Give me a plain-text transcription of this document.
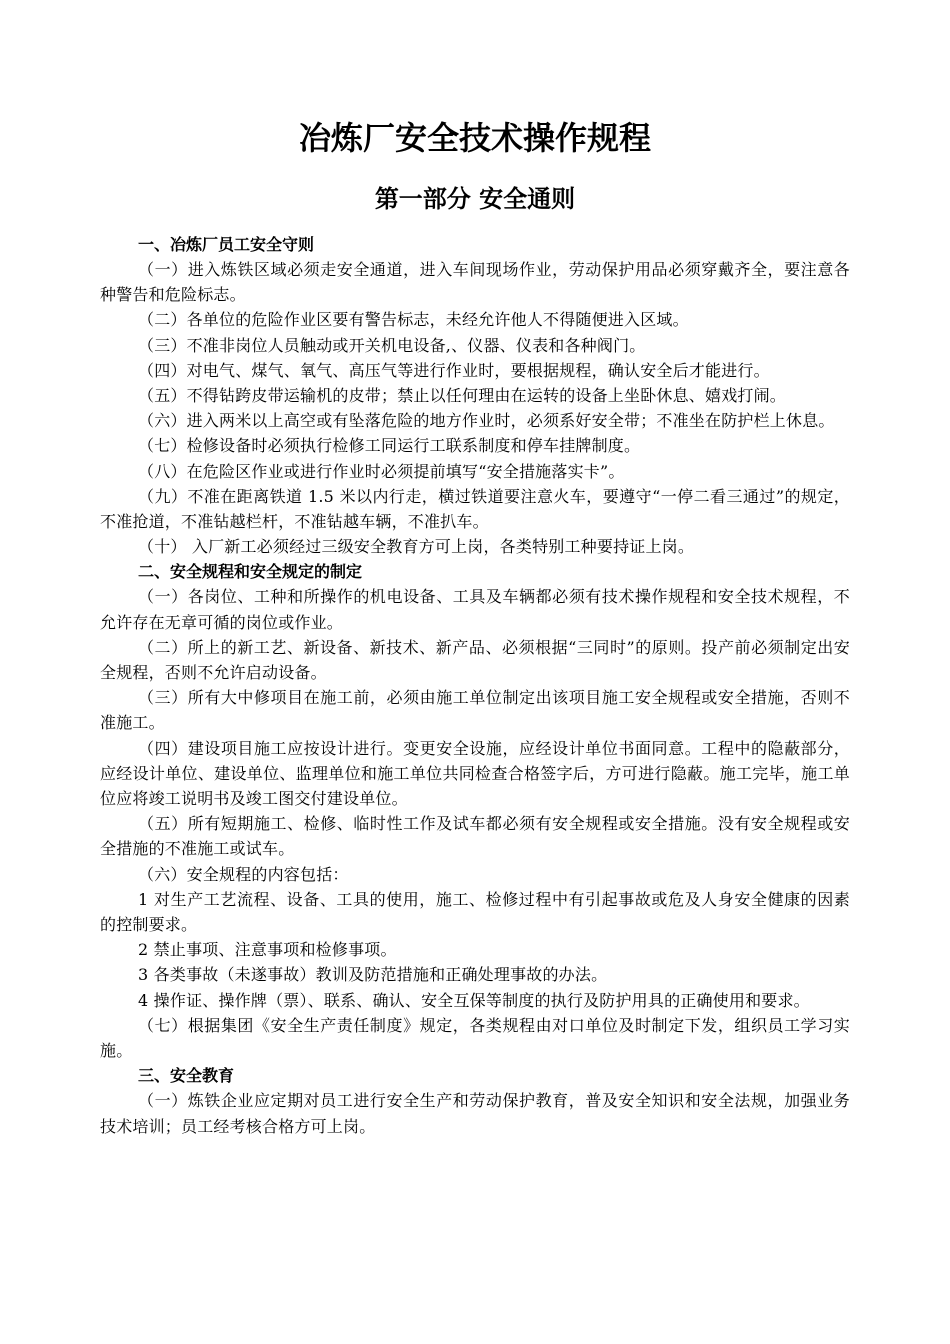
冶炼厂安全技术操作规程
第一部分 安全通则

一、冶炼厂员工安全守则

（一）进入炼铁区域必须走安全通道，进入车间现场作业，劳动保护用品必须穿戴齐全，要注意各种警告和危险标志。

（二）各单位的危险作业区要有警告标志，未经允许他人不得随便进入区域。

（三）不准非岗位人员触动或开关机电设备,、仪器、仪表和各种阀门。

（四）对电气、煤气、氧气、高压气等进行作业时，要根据规程，确认安全后才能进行。

（五）不得钻跨皮带运输机的皮带；禁止以任何理由在运转的设备上坐卧休息、嬉戏打闹。

（六）进入两米以上高空或有坠落危险的地方作业时，必须系好安全带；不准坐在防护栏上休息。

（七）检修设备时必须执行检修工同运行工联系制度和停车挂牌制度。

（八）在危险区作业或进行作业时必须提前填写“安全措施落实卡”。

（九）不准在距离铁道 1.5 米以内行走，横过铁道要注意火车，要遵守“一停二看三通过”的规定，不准抢道，不准钻越栏杆，不准钻越车辆，不准扒车。

（十） 入厂新工必须经过三级安全教育方可上岗，各类特别工种要持证上岗。

二、安全规程和安全规定的制定

（一）各岗位、工种和所操作的机电设备、工具及车辆都必须有技术操作规程和安全技术规程，不允许存在无章可循的岗位或作业。

（二）所上的新工艺、新设备、新技术、新产品、必须根据“三同时”的原则。投产前必须制定出安全规程，否则不允许启动设备。

（三）所有大中修项目在施工前，必须由施工单位制定出该项目施工安全规程或安全措施，否则不准施工。

（四）建设项目施工应按设计进行。变更安全设施，应经设计单位书面同意。工程中的隐蔽部分，应经设计单位、建设单位、监理单位和施工单位共同检查合格签字后，方可进行隐蔽。施工完毕，施工单位应将竣工说明书及竣工图交付建设单位。

（五）所有短期施工、检修、临时性工作及试车都必须有安全规程或安全措施。没有安全规程或安全措施的不准施工或试车。

（六）安全规程的内容包括：

1 对生产工艺流程、设备、工具的使用，施工、检修过程中有引起事故或危及人身安全健康的因素的控制要求。

2 禁止事项、注意事项和检修事项。

3 各类事故（未遂事故）教训及防范措施和正确处理事故的办法。

4 操作证、操作牌（票）、联系、确认、安全互保等制度的执行及防护用具的正确使用和要求。

（七）根据集团《安全生产责任制度》规定，各类规程由对口单位及时制定下发，组织员工学习实施。

三、安全教育

（一）炼铁企业应定期对员工进行安全生产和劳动保护教育，普及安全知识和安全法规，加强业务技术培训；员工经考核合格方可上岗。
